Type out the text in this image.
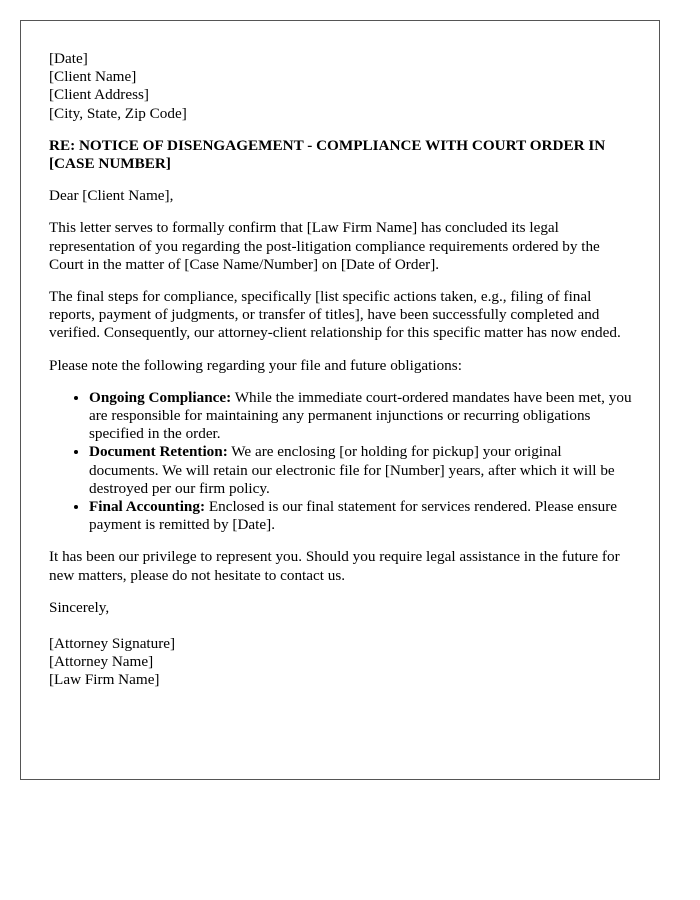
[Date]
[Client Name]
[Client Address]
[City, State, Zip Code]
RE: NOTICE OF DISENGAGEMENT - COMPLIANCE WITH COURT ORDER IN [CASE NUMBER]

Dear [Client Name],

This letter serves to formally confirm that [Law Firm Name] has concluded its legal representation of you regarding the post-litigation compliance requirements ordered by the Court in the matter of [Case Name/Number] on [Date of Order].

The final steps for compliance, specifically [list specific actions taken, e.g., filing of final reports, payment of judgments, or transfer of titles], have been successfully completed and verified. Consequently, our attorney-client relationship for this specific matter has now ended.

Please note the following regarding your file and future obligations:

• Ongoing Compliance: While the immediate court-ordered mandates have been met, you are responsible for maintaining any permanent injunctions or recurring obligations specified in the order.
• Document Retention: We are enclosing [or holding for pickup] your original documents. We will retain our electronic file for [Number] years, after which it will be destroyed per our firm policy.
• Final Accounting: Enclosed is our final statement for services rendered. Please ensure payment is remitted by [Date].

It has been our privilege to represent you. Should you require legal assistance in the future for new matters, please do not hesitate to contact us.

Sincerely,

[Attorney Signature]
[Attorney Name]
[Law Firm Name]
